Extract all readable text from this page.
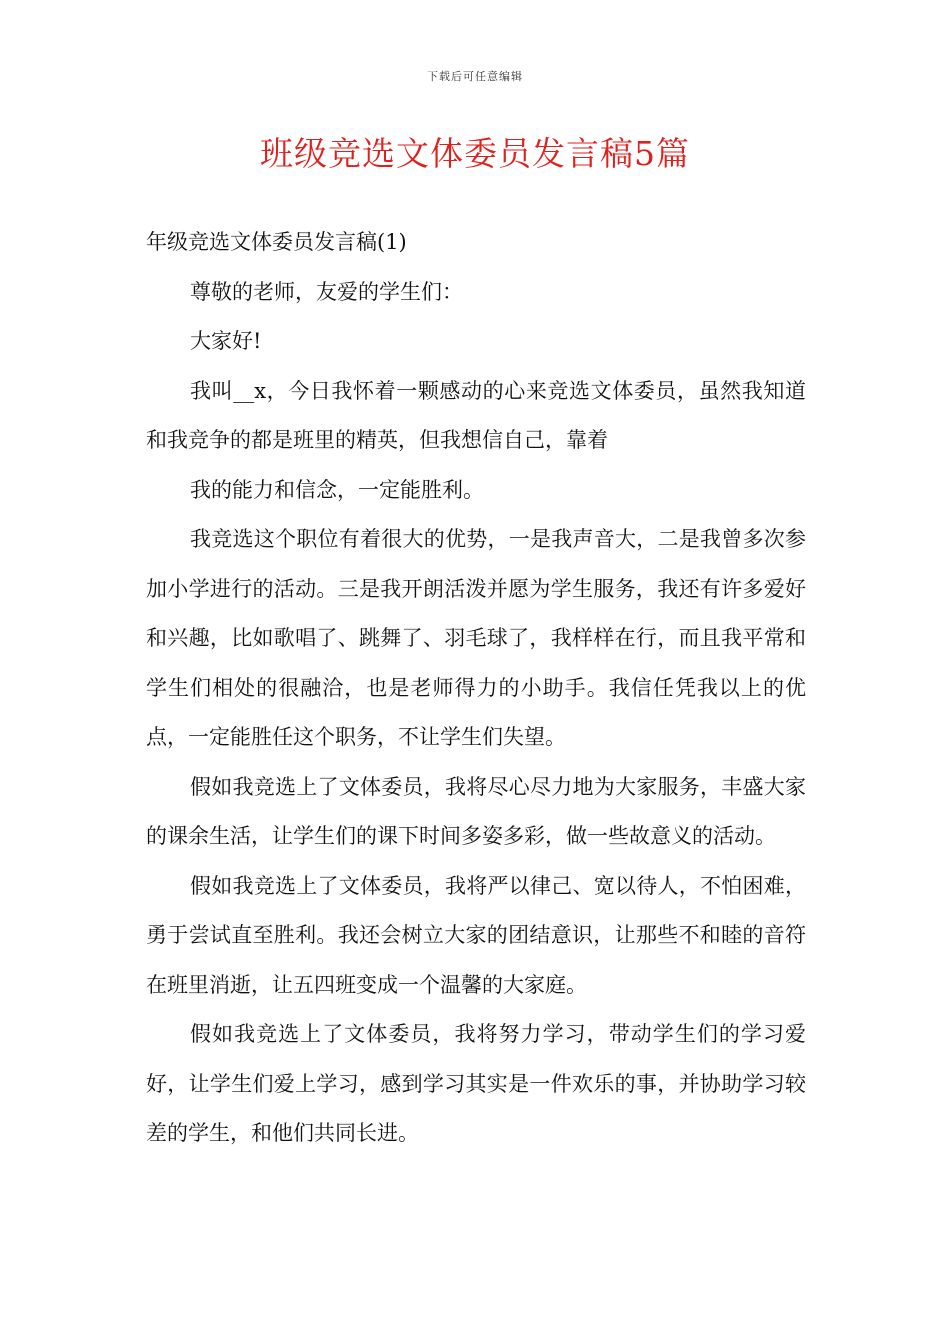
下载后可任意编辑
班级竞选文体委员发言稿5篇

年级竞选文体委员发言稿(1)

尊敬的老师，友爱的学生们：

大家好!

我叫__x，今日我怀着一颗感动的心来竞选文体委员，虽然我知道和我竞争的都是班里的精英，但我想信自己，靠着

我的能力和信念，一定能胜利。

我竞选这个职位有着很大的优势，一是我声音大，二是我曾多次参加小学进行的活动。三是我开朗活泼并愿为学生服务，我还有许多爱好和兴趣，比如歌唱了、跳舞了、羽毛球了，我样样在行，而且我平常和学生们相处的很融洽，也是老师得力的小助手。我信任凭我以上的优点，一定能胜任这个职务，不让学生们失望。

假如我竞选上了文体委员，我将尽心尽力地为大家服务，丰盛大家的课余生活，让学生们的课下时间多姿多彩，做一些故意义的活动。

假如我竞选上了文体委员，我将严以律己、宽以待人，不怕困难，勇于尝试直至胜利。我还会树立大家的团结意识，让那些不和睦的音符在班里消逝，让五四班变成一个温馨的大家庭。

假如我竞选上了文体委员，我将努力学习，带动学生们的学习爱好，让学生们爱上学习，感到学习其实是一件欢乐的事，并协助学习较差的学生，和他们共同长进。
